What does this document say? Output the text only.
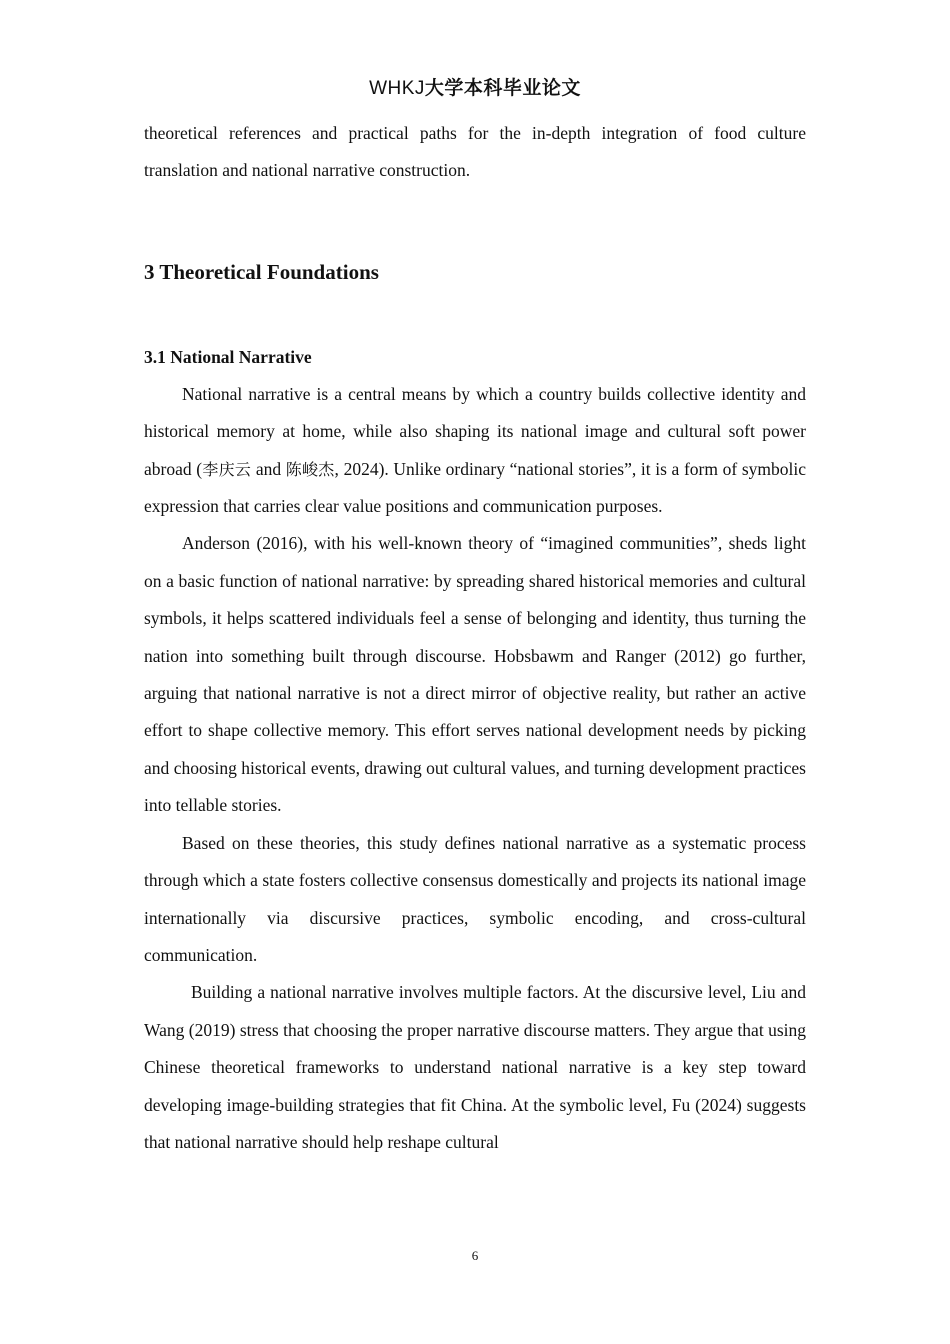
WHKJ大学本科毕业论文

theoretical references and practical paths for the in-depth integration of food culture translation and national narrative construction.

3 Theoretical Foundations
3.1 National Narrative

National narrative is a central means by which a country builds collective identity and historical memory at home, while also shaping its national image and cultural soft power abroad (李庆云 and 陈峻杰, 2024). Unlike ordinary “national stories”, it is a form of symbolic expression that carries clear value positions and communication purposes.

Anderson (2016), with his well-known theory of “imagined communities”, sheds light on a basic function of national narrative: by spreading shared historical memories and cultural symbols, it helps scattered individuals feel a sense of belonging and identity, thus turning the nation into something built through discourse. Hobsbawm and Ranger (2012) go further, arguing that national narrative is not a direct mirror of objective reality, but rather an active effort to shape collective memory. This effort serves national development needs by picking and choosing historical events, drawing out cultural values, and turning development practices into tellable stories.

Based on these theories, this study defines national narrative as a systematic process through which a state fosters collective consensus domestically and projects its national image internationally via discursive practices, symbolic encoding, and cross-cultural communication.

Building a national narrative involves multiple factors. At the discursive level, Liu and Wang (2019) stress that choosing the proper narrative discourse matters. They argue that using Chinese theoretical frameworks to understand national narrative is a key step toward developing image-building strategies that fit China. At the symbolic level, Fu (2024) suggests that national narrative should help reshape cultural

6
